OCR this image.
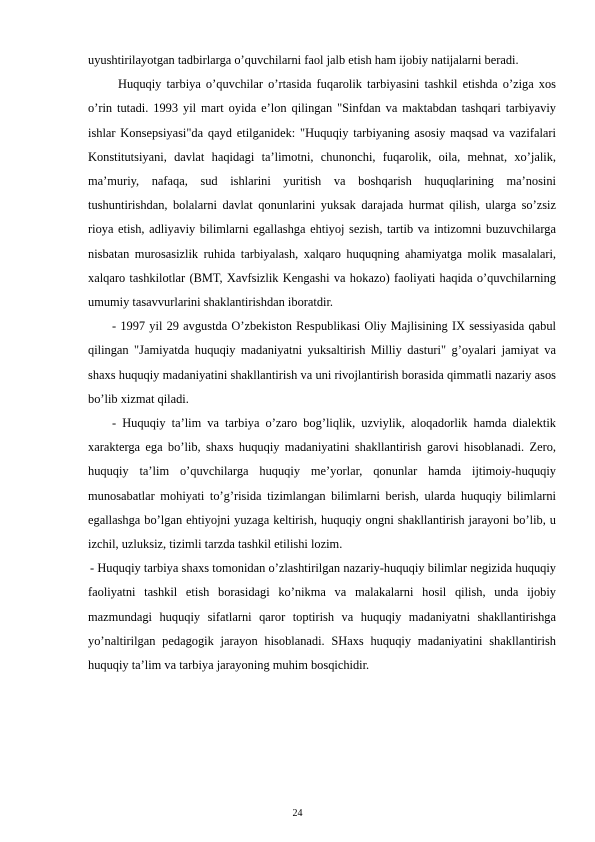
uyushtirilayotgan tadbirlarga o’quvchilarni faol jalb etish ham ijobiy natijalarni beradi.

Huquqiy tarbiya o’quvchilar o’rtasida fuqarolik tarbiyasini tashkil etishda o’ziga xos o’rin tutadi. 1993 yil mart oyida e’lon qilingan "Sinfdan va maktabdan tashqari tarbiyaviy ishlar Konsepsiyasi"da qayd etilganidek: "Huquqiy tarbiyaning asosiy maqsad va vazifalari Konstitutsiyani, davlat haqidagi ta’limotni, chunonchi, fuqarolik, oila, mehnat, xo’jalik, ma’muriy, nafaqa, sud ishlarini yuritish va boshqarish huquqlarining ma’nosini tushuntirishdan, bolalarni davlat qonunlarini yuksak darajada hurmat qilish, ularga so’zsiz rioya etish, adliyaviy bilimlarni egallashga ehtiyoj sezish, tartib va intizomni buzuvchilarga nisbatan murosasizlik ruhida tarbiyalash, xalqaro huquqning ahamiyatga molik masalalari, xalqaro tashkilotlar (BMT, Xavfsizlik Kengashi va hokazo) faoliyati haqida o’quvchilarning umumiy tasavvurlarini shaklantirishdan iboratdir.

- 1997 yil 29 avgustda O’zbekiston Respublikasi Oliy Majlisining IX sessiyasida qabul qilingan "Jamiyatda huquqiy madaniyatni yuksaltirish Milliy dasturi" g’oyalari jamiyat va shaxs huquqiy madaniyatini shakllantirish va uni rivojlantirish borasida qimmatli nazariy asos bo’lib xizmat qiladi.

- Huquqiy ta’lim va tarbiya o’zaro bog’liqlik, uzviylik, aloqadorlik hamda dialektik xarakterga ega bo’lib, shaxs huquqiy madaniyatini shakllantirish garovi hisoblanadi. Zero, huquqiy ta’lim o’quvchilarga huquqiy me’yorlar, qonunlar hamda ijtimoiy-huquqiy munosabatlar mohiyati to’g’risida tizimlangan bilimlarni berish, ularda huquqiy bilimlarni egallashga bo’lgan ehtiyojni yuzaga keltirish, huquqiy ongni shakllantirish jarayoni bo’lib, u izchil, uzluksiz, tizimli tarzda tashkil etilishi lozim.

- Huquqiy tarbiya shaxs tomonidan o’zlashtirilgan nazariy-huquqiy bilimlar negizida huquqiy faoliyatni tashkil etish borasidagi ko’nikma va malakalarni hosil qilish, unda ijobiy mazmundagi huquqiy sifatlarni qaror toptirish va huquqiy madaniyatni shakllantirishga yo’naltirilgan pedagogik jarayon hisoblanadi. SHaxs huquqiy madaniyatini shakllantirish huquqiy ta’lim va tarbiya jarayoning muhim bosqichidir.

24
